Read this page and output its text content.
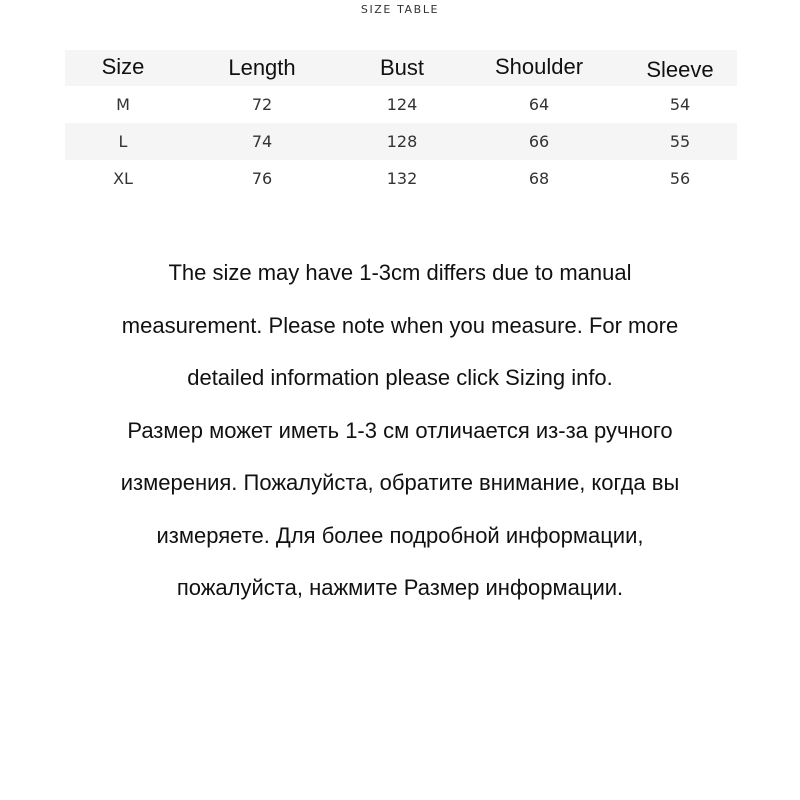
SIZE TABLE
Size	Length	Bust	Shoulder	Sleeve
M	72	124	64	54
L	74	128	66	55
XL	76	132	68	56
The size may have 1-3cm differs due to manual
measurement. Please note when you measure. For more
detailed information please click Sizing info.
Размер может иметь 1-3 см отличается из-за ручного
измерения. Пожалуйста, обратите внимание, когда вы
измеряете. Для более подробной информации,
пожалуйста, нажмите Размер информации.
